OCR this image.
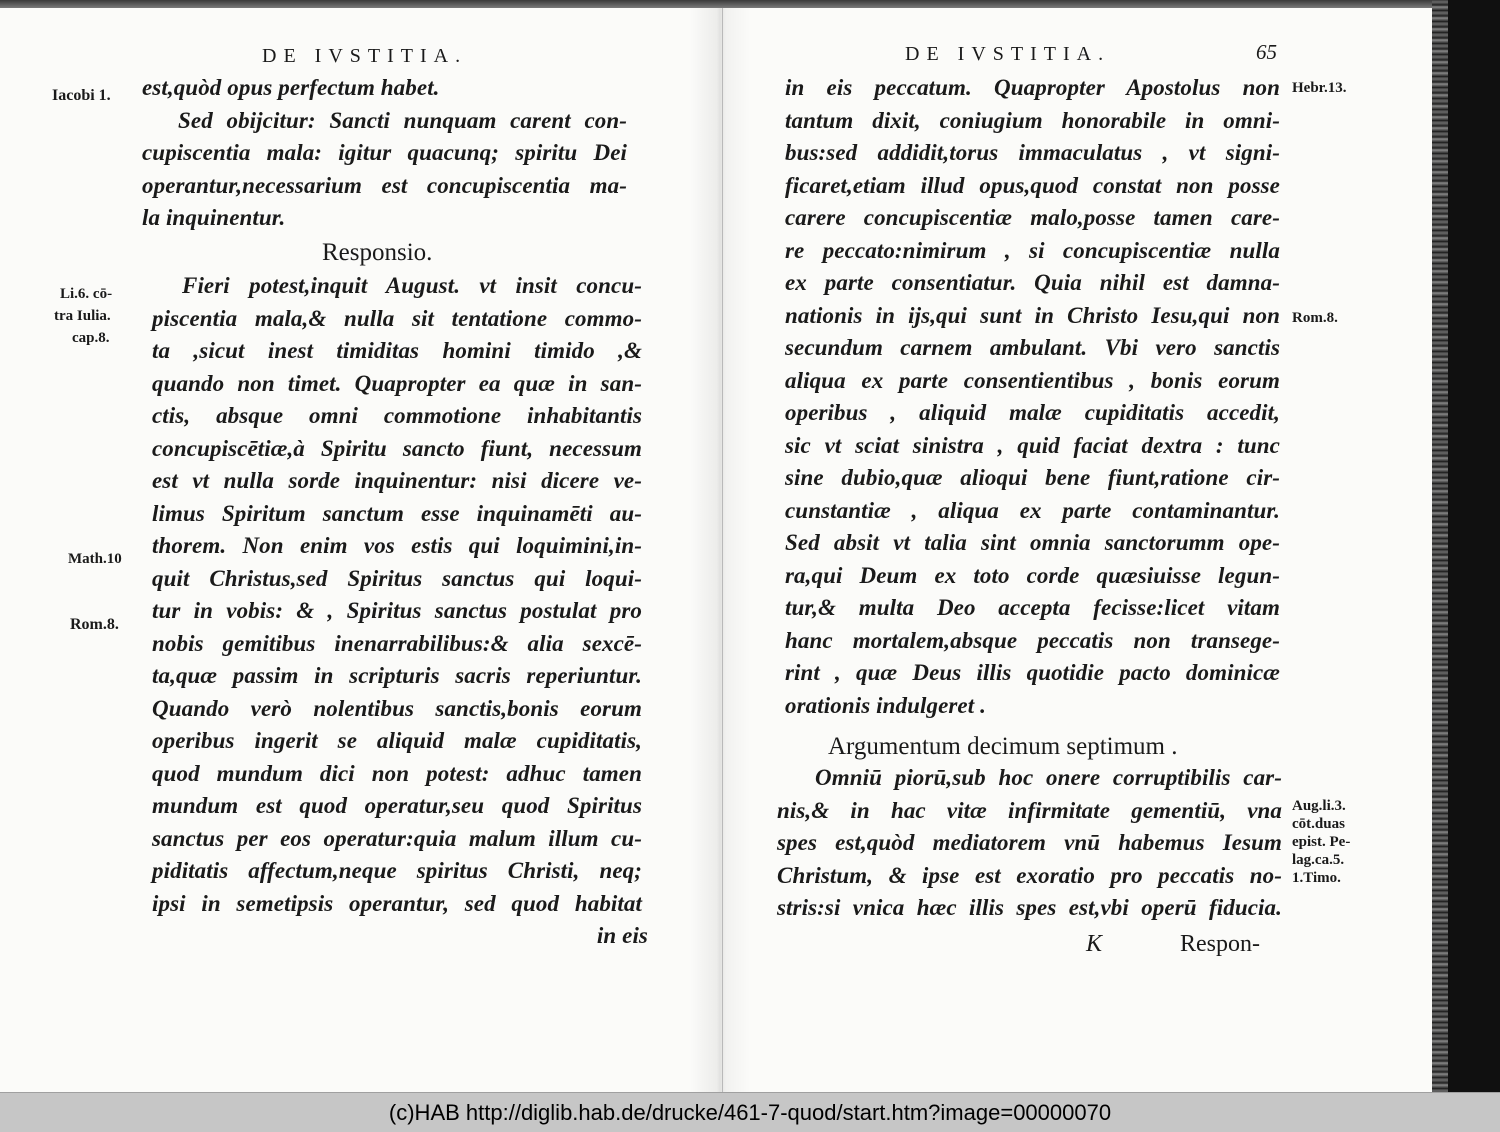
DE IVSTITIA.
est,quòd opus perfectum habet.
Sed obijcitur: Sancti nunquam carent con-
cupiscentia mala: igitur quacunq; spiritu Dei
operantur,necessarium est concupiscentia ma-
la inquinentur.
Responsio.
Fieri potest,inquit August. vt insit concu-
piscentia mala,& nulla sit tentatione commo-
ta ,sicut inest timiditas homini timido ,&
quando non timet. Quapropter ea quæ in san-
ctis, absque omni commotione inhabitantis
concupiscētiæ,à Spiritu sancto fiunt, necessum
est vt nulla sorde inquinentur: nisi dicere ve-
limus Spiritum sanctum esse inquinamēti au-
thorem. Non enim vos estis qui loquimini,in-
quit Christus,sed Spiritus sanctus qui loqui-
tur in vobis: & , Spiritus sanctus postulat pro
nobis gemitibus inenarrabilibus:& alia sexcē-
ta,quæ passim in scripturis sacris reperiuntur.
Quando verò nolentibus sanctis,bonis eorum
operibus ingerit se aliquid malæ cupiditatis,
quod mundum dici non potest: adhuc tamen
mundum est quod operatur,seu quod Spiritus
sanctus per eos operatur:quia malum illum cu-
piditatis affectum,neque spiritus Christi, neq;
ipsi in semetipsis operantur, sed quod habitat
in eis
Iacobi 1.
Li.6. cō-
tra Iulia.
cap.8.
Math.10
Rom.8.
DE IVSTITIA.	65
in eis peccatum. Quapropter Apostolus non
tantum dixit, coniugium honorabile in omni-
bus:sed addidit,torus immaculatus , vt signi-
ficaret,etiam illud opus,quod constat non posse
carere concupiscentiæ malo,posse tamen care-
re peccato:nimirum , si concupiscentiæ nulla
ex parte consentiatur. Quia nihil est damna-
nationis in ijs,qui sunt in Christo Iesu,qui non
secundum carnem ambulant. Vbi vero sanctis
aliqua ex parte consentientibus , bonis eorum
operibus , aliquid malæ cupiditatis accedit,
sic vt sciat sinistra , quid faciat dextra : tunc
sine dubio,quæ alioqui bene fiunt,ratione cir-
cunstantiæ , aliqua ex parte contaminantur.
Sed absit vt talia sint omnia sanctorumm ope-
ra,qui Deum ex toto corde quæsiuisse legun-
tur,& multa Deo accepta fecisse:licet vitam
hanc mortalem,absque peccatis non transege-
rint , quæ Deus illis quotidie pacto dominicæ
orationis indulgeret .
Argumentum decimum septimum .
Omniū piorū,sub hoc onere corruptibilis car-
nis,& in hac vitæ infirmitate gementiū, vna
spes est,quòd mediatorem vnū habemus Iesum
Christum, & ipse est exoratio pro peccatis no-
stris:si vnica hæc illis spes est,vbi operū fiducia.
K	Respon-
Hebr.13.
Rom.8.
Aug.li.3.
cōt.duas
epist. Pe-
lag.ca.5.
1.Timo.
(c)HAB http://diglib.hab.de/drucke/461-7-quod/start.htm?image=00000070
